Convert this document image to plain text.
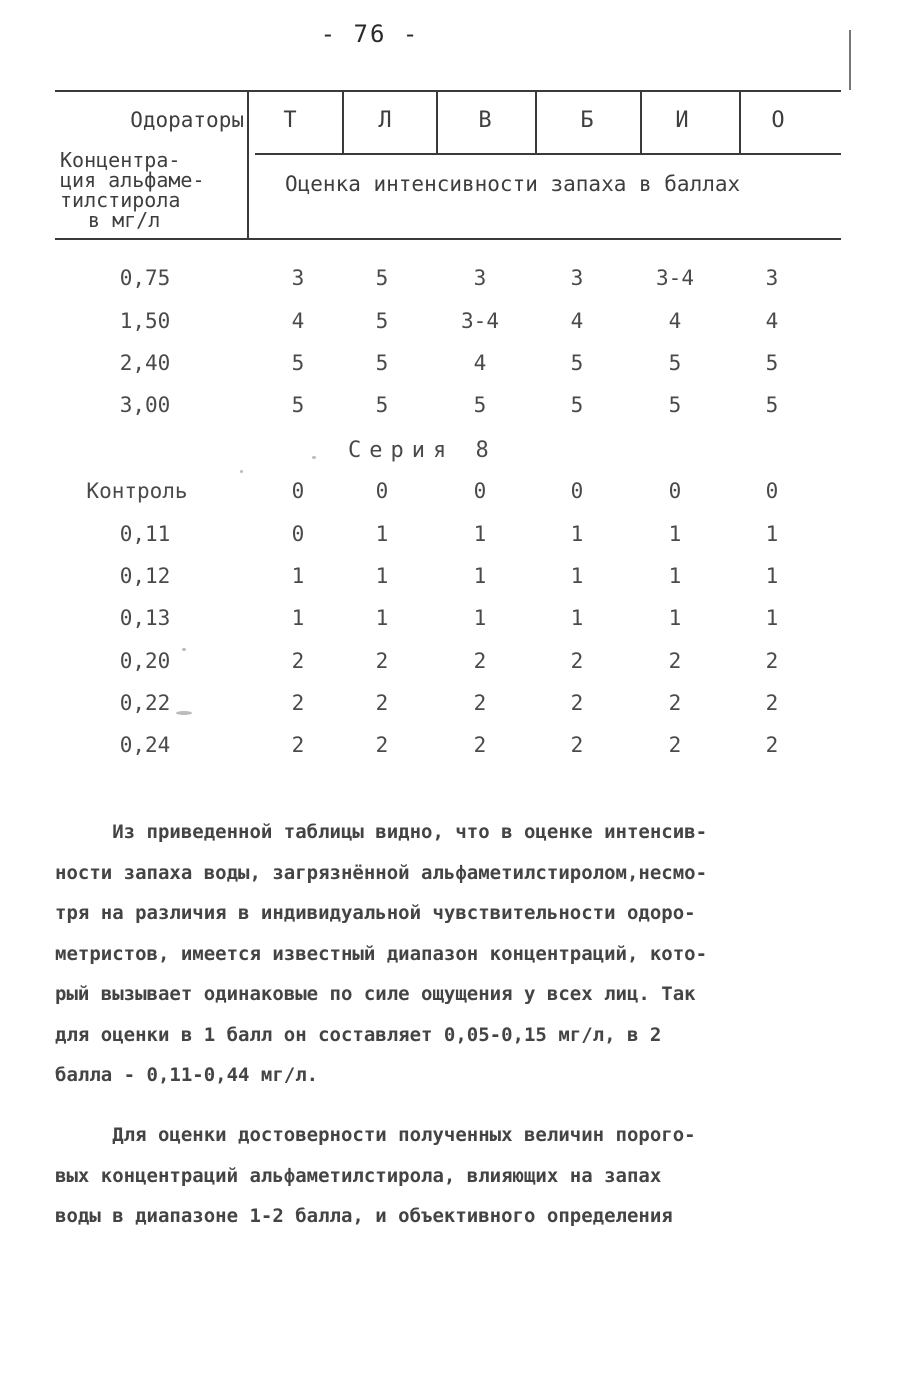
- 76 -
Одораторы
Концентра-
ция альфаме-
тилстирола
в мг/л
Т	Л	В	Б	И	О
Оценка интенсивности запаха в баллах
0,75	3	5	3	3	3-4	3
1,50	4	5	3-4	4	4	4
2,40	5	5	4	5	5	5
3,00	5	5	5	5	5	5
Серия 8
Контроль	0	0	0	0	0	0
0,11	0	1	1	1	1	1
0,12	1	1	1	1	1	1
0,13	1	1	1	1	1	1
0,20	2	2	2	2	2	2
0,22	2	2	2	2	2	2
0,24	2	2	2	2	2	2
Из приведенной таблицы видно, что в оценке интенсив-
ности запаха воды, загрязнённой альфаметилстиролом,несмо-
тря на различия в индивидуальной чувствительности одоро-
метристов, имеется известный диапазон концентраций, кото-
рый вызывает одинаковые по силе ощущения у всех лиц. Так
для оценки в 1 балл он составляет 0,05-0,15 мг/л, в 2
балла - 0,11-0,44 мг/л.
Для оценки достоверности полученных величин порого-
вых концентраций альфаметилстирола, влияющих на запах
воды в диапазоне 1-2 балла, и объективного определения
